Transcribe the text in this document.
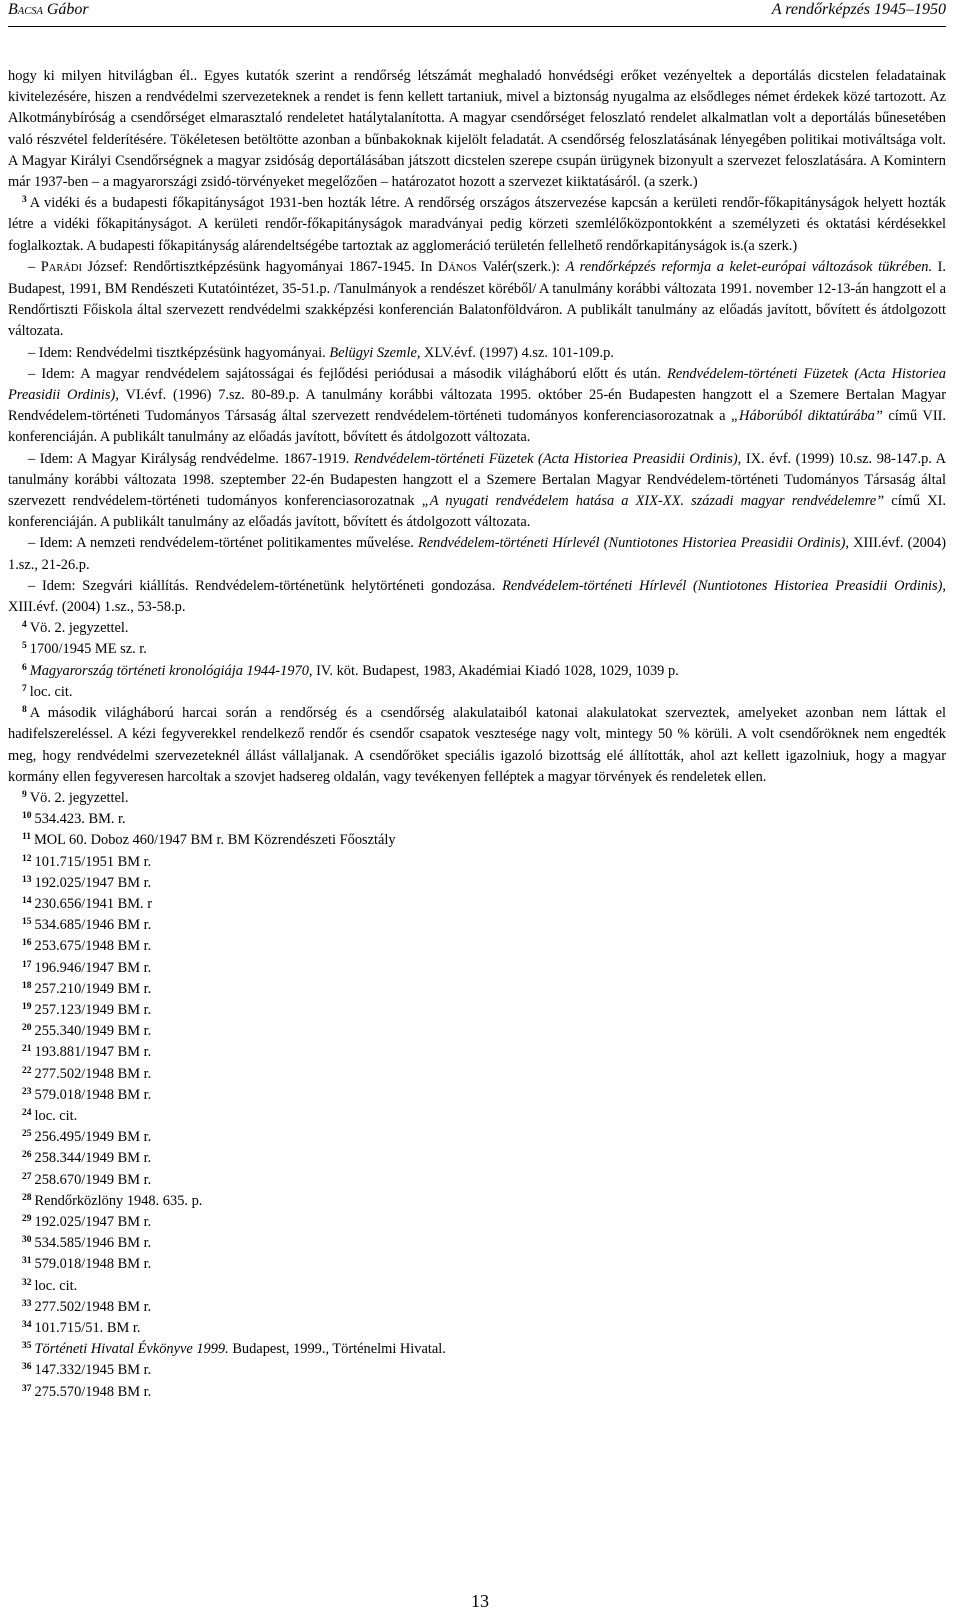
BACSA Gábor	A rendőrképzés 1945–1950

hogy ki milyen hitvilágban él.. Egyes kutatók szerint a rendőrség létszámát meghaladó honvédségi erőket vezényeltek a deportálás dicstelen feladatainak kivitelezésére, hiszen a rendvédelmi szervezeteknek a rendet is fenn kellett tartaniuk, mivel a biztonság nyugalma az elsődleges német érdekek közé tartozott. Az Alkotmánybíróság a csendőrséget elmarasztaló rendeletet hatálytalanította. A magyar csendőrséget feloszlató rendelet alkalmatlan volt a deportálás bűnesetében való részvétel felderítésére. Tökéletesen betöltötte azonban a bűnbakoknak kijelölt feladatát. A csendőrség feloszlatásának lényegében politikai motiváltsága volt. A Magyar Királyi Csendőrségnek a magyar zsidóság deportálásában játszott dicstelen szerepe csupán ürügynek bizonyult a szervezet feloszlatására. A Komintern már 1937-ben – a magyarországi zsidó-törvényeket megelőzően – határozatot hozott a szervezet kiiktatásáról. (a szerk.)

$^3$ A vidéki és a budapesti főkapitányságot 1931-ben hozták létre. A rendőrség országos átszervezése kapcsán a kerületi rendőr-főkapitányságok helyett hozták létre a vidéki főkapitányságot. A kerületi rendőr-főkapitányságok maradványai pedig körzeti szemlélőközpontokként a személyzeti és oktatási kérdésekkel foglalkoztak. A budapesti főkapitányság alárendeltségébe tartoztak az agglomeráció területén fellelhető rendőrkapitányságok is.(a szerk.)

– PARÁDI József: Rendőrtisztképzésünk hagyományai 1867-1945. In DÁNOS Valér(szerk.): A rendőrképzés reformja a kelet-európai változások tükrében. I. Budapest, 1991, BM Rendészeti Kutatóintézet, 35-51.p. /Tanulmányok a rendészet köréből/ A tanulmány korábbi változata 1991. november 12-13-án hangzott el a Rendőrtiszti Főiskola által szervezett rendvédelmi szakképzési konferencián Balatonföldváron. A publikált tanulmány az előadás javított, bővített és átdolgozott változata.

– Idem: Rendvédelmi tisztképzésünk hagyományai. Belügyi Szemle, XLV.évf. (1997) 4.sz. 101-109.p.

– Idem: A magyar rendvédelem sajátosságai és fejlődési periódusai a második világháború előtt és után. Rendvédelem-történeti Füzetek (Acta Historiea Preasidii Ordinis), VI.évf. (1996) 7.sz. 80-89.p. A tanulmány korábbi változata 1995. október 25-én Budapesten hangzott el a Szemere Bertalan Magyar Rendvédelem-történeti Tudományos Társaság által szervezett rendvédelem-történeti tudományos konferenciasorozatnak a „Háborúból diktatúrába” című VII. konferenciáján. A publikált tanulmány az előadás javított, bővített és átdolgozott változata.

– Idem: A Magyar Királyság rendvédelme. 1867-1919. Rendvédelem-történeti Füzetek (Acta Historiea Preasidii Ordinis), IX. évf. (1999) 10.sz. 98-147.p. A tanulmány korábbi változata 1998. szeptember 22-én Budapesten hangzott el a Szemere Bertalan Magyar Rendvédelem-történeti Tudományos Társaság által szervezett rendvédelem-történeti tudományos konferenciasorozatnak „A nyugati rendvédelem hatása a XIX-XX. századi magyar rendvédelemre” című XI. konferenciáján. A publikált tanulmány az előadás javított, bővített és átdolgozott változata.

– Idem: A nemzeti rendvédelem-történet politikamentes művelése. Rendvédelem-történeti Hírlevél (Nuntiotones Historiea Preasidii Ordinis), XIII.évf. (2004) 1.sz., 21-26.p.

– Idem: Szegvári kiállítás. Rendvédelem-történetünk helytörténeti gondozása. Rendvédelem-történeti Hírlevél (Nuntiotones Historiea Preasidii Ordinis), XIII.évf. (2004) 1.sz., 53-58.p.

$^4$ Vö. 2. jegyzettel.

$^5$ 1700/1945 ME sz. r.

$^6$ Magyarország történeti kronológiája 1944-1970, IV. köt. Budapest, 1983, Akadémiai Kiadó 1028, 1029, 1039 p.

$^7$ loc. cit.

$^8$ A második világháború harcai során a rendőrség és a csendőrség alakulataiból katonai alakulatokat szerveztek, amelyeket azonban nem láttak el hadifelszereléssel. A kézi fegyverekkel rendelkező rendőr és csendőr csapatok vesztesége nagy volt, mintegy 50 % körüli. A volt csendőröknek nem engedték meg, hogy rendvédelmi szervezeteknél állást vállaljanak. A csendőröket speciális igazoló bizottság elé állították, ahol azt kellett igazolniuk, hogy a magyar kormány ellen fegyveresen harcoltak a szovjet hadsereg oldalán, vagy tevékenyen felléptek a magyar törvények és rendeletek ellen.

$^9$ Vö. 2. jegyzettel.

$^{10}$ 534.423. BM. r.

$^{11}$ MOL 60. Doboz 460/1947 BM r. BM Közrendészeti Főosztály

$^{12}$ 101.715/1951 BM r.

$^{13}$ 192.025/1947 BM r.

$^{14}$ 230.656/1941 BM. r

$^{15}$ 534.685/1946 BM r.

$^{16}$ 253.675/1948 BM r.

$^{17}$ 196.946/1947 BM r.

$^{18}$ 257.210/1949 BM r.

$^{19}$ 257.123/1949 BM r.

$^{20}$ 255.340/1949 BM r.

$^{21}$ 193.881/1947 BM r.

$^{22}$ 277.502/1948 BM r.

$^{23}$ 579.018/1948 BM r.

$^{24}$ loc. cit.

$^{25}$ 256.495/1949 BM r.

$^{26}$ 258.344/1949 BM r.

$^{27}$ 258.670/1949 BM r.

$^{28}$ Rendőrközlöny 1948. 635. p.

$^{29}$ 192.025/1947 BM r.

$^{30}$ 534.585/1946 BM r.

$^{31}$ 579.018/1948 BM r.

$^{32}$ loc. cit.

$^{33}$ 277.502/1948 BM r.

$^{34}$ 101.715/51. BM r.

$^{35}$ Történeti Hivatal Évkönyve 1999. Budapest, 1999., Történelmi Hivatal.

$^{36}$ 147.332/1945 BM r.

$^{37}$ 275.570/1948 BM r.

13
